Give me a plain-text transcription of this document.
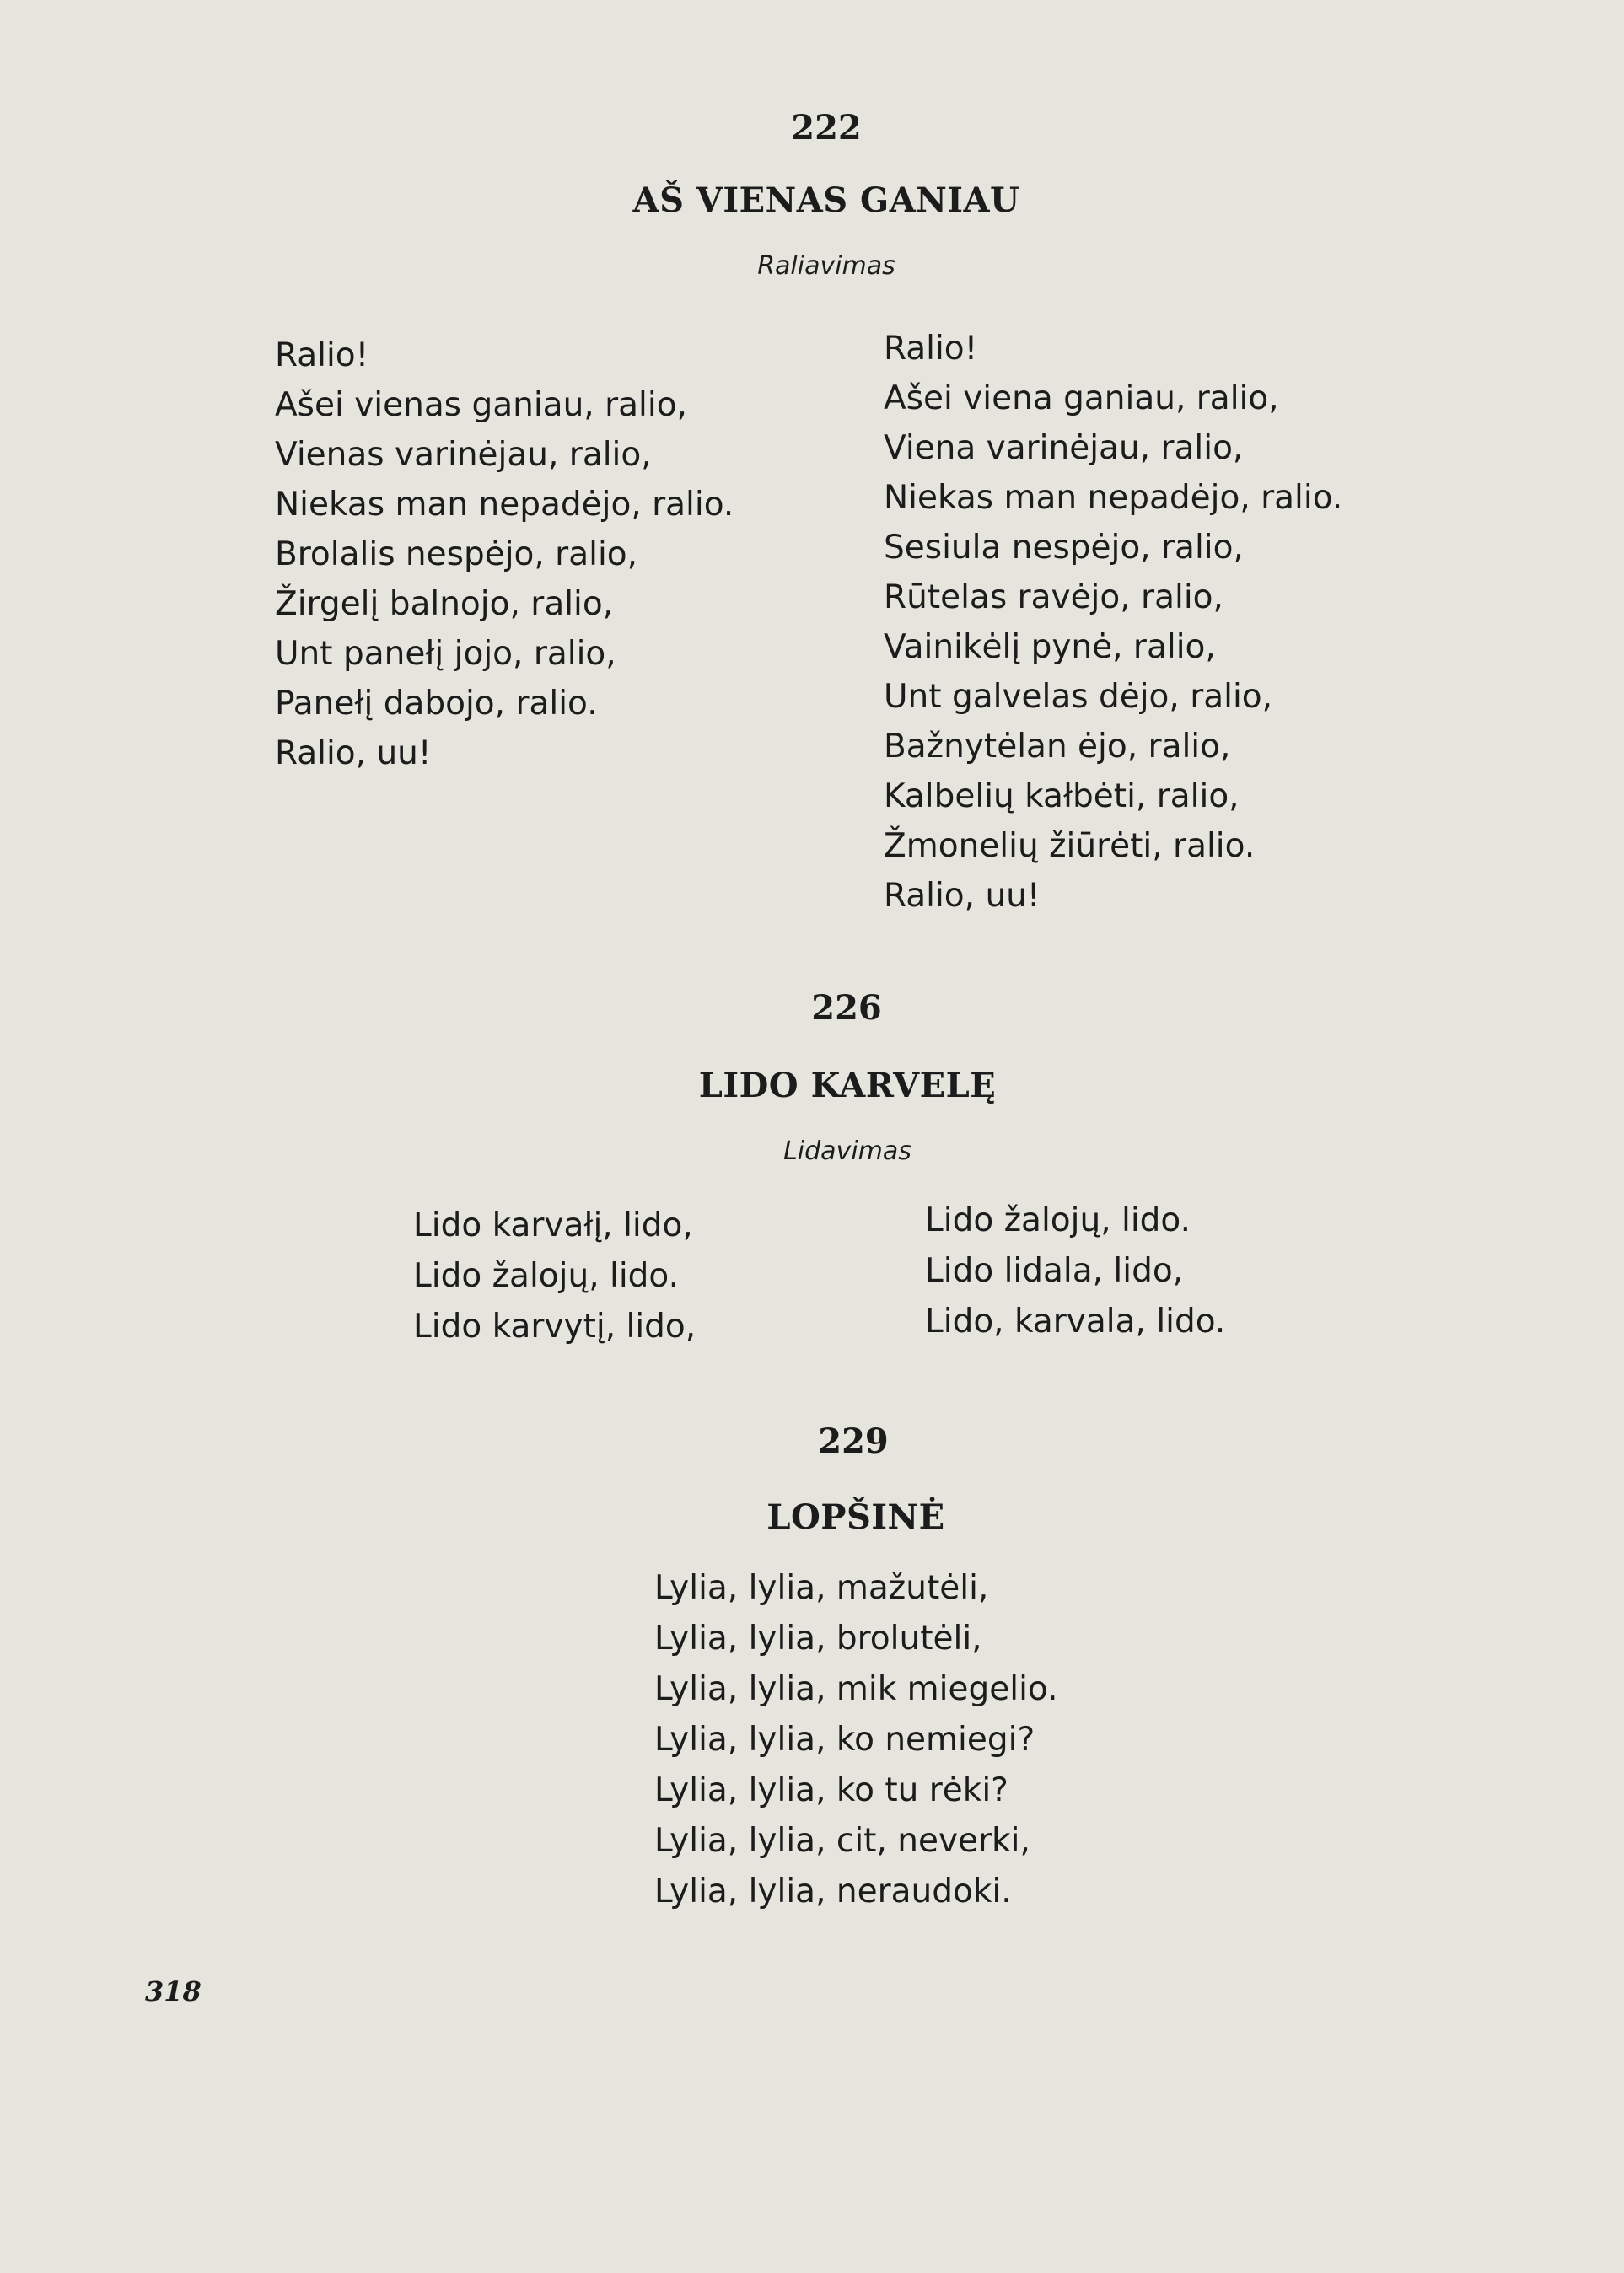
222
AŠ VIENAS GANIAU
Raliavimas
Ralio!
Ašei vienas ganiau, ralio,
Vienas varinėjau, ralio,
Niekas man nepadėjo, ralio.
Brolalis nespėjo, ralio,
Žirgelį balnojo, ralio,
Unt panełį jojo, ralio,
Panełį dabojo, ralio.
Ralio, uu!
Ralio!
Ašei viena ganiau, ralio,
Viena varinėjau, ralio,
Niekas man nepadėjo, ralio.
Sesiula nespėjo, ralio,
Rūtelas ravėjo, ralio,
Vainikėlį pynė, ralio,
Unt galvelas dėjo, ralio,
Bažnytėlan ėjo, ralio,
Kalbelių kałbėti, ralio,
Žmonelių žiūrėti, ralio.
Ralio, uu!
226
LIDO KARVELĘ
Lidavimas
Lido karvałį, lido,
Lido žalojų, lido.
Lido karvytį, lido,
Lido žalojų, lido.
Lido lidala, lido,
Lido, karvala, lido.
229
LOPŠINĖ
Lylia, lylia, mažutėli,
Lylia, lylia, brolutėli,
Lylia, lylia, mik miegelio.
Lylia, lylia, ko nemiegi?
Lylia, lylia, ko tu rėki?
Lylia, lylia, cit, neverki,
Lylia, lylia, neraudoki.
318
